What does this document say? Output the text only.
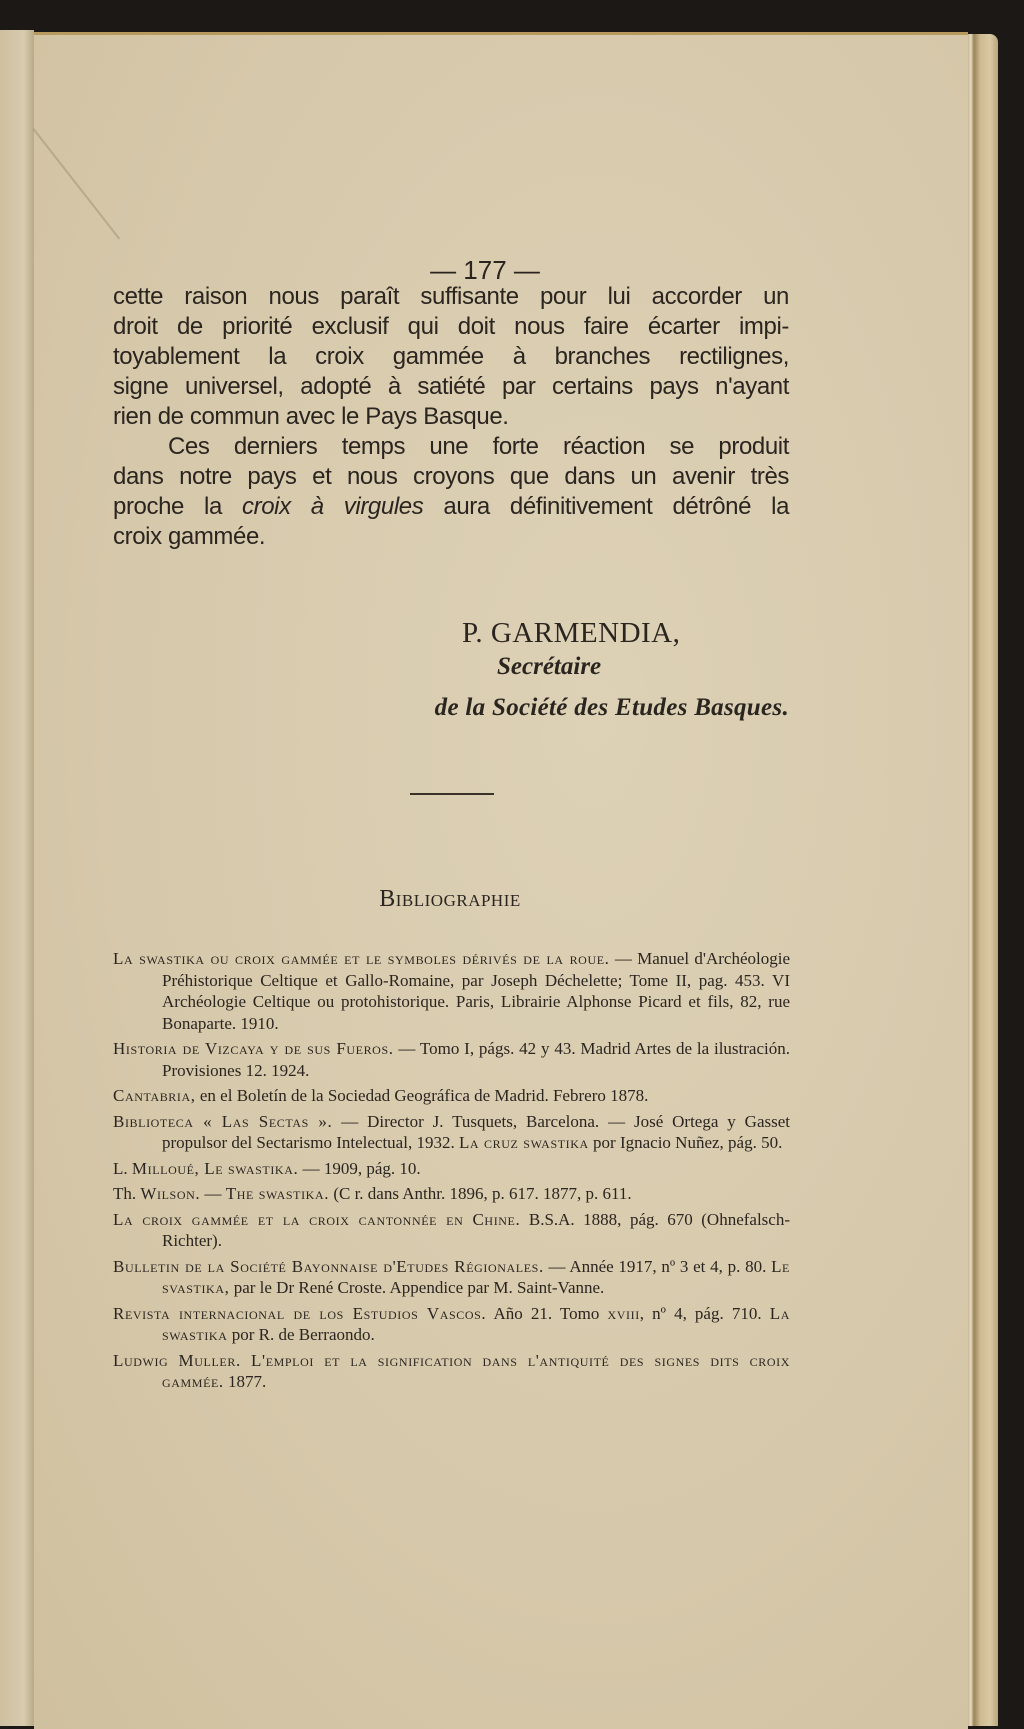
— 177 —
cette raison nous paraît suffisante pour lui accorder un
droit de priorité exclusif qui doit nous faire écarter impi-
toyablement la croix gammée à branches rectilignes,
signe universel, adopté à satiété par certains pays n'ayant
rien de commun avec le Pays Basque.
Ces derniers temps une forte réaction se produit
dans notre pays et nous croyons que dans un avenir très
proche la croix à virgules aura définitivement détrôné la
croix gammée.
P. GARMENDIA,
Secrétaire
de la Société des Etudes Basques.
Bibliographie
La swastika ou croix gammée et le symboles dérivés de la roue. — Manuel d'Archéologie Préhistorique Celtique et Gallo-Romaine, par Joseph Déchelette; Tome II, pag. 453. VI Archéologie Celtique ou protohistorique. Paris, Librairie Alphonse Picard et fils, 82, rue Bonaparte. 1910.
Historia de Vizcaya y de sus Fueros. — Tomo I, págs. 42 y 43. Madrid Artes de la ilustración. Provisiones 12. 1924.
Cantabria, en el Boletín de la Sociedad Geográfica de Madrid. Febrero 1878.
Biblioteca « Las Sectas ». — Director J. Tusquets, Barcelona. — José Ortega y Gasset propulsor del Sectarismo Intelectual, 1932. La cruz swastika por Ignacio Nuñez, pág. 50.
L. Milloué, Le swastika. — 1909, pág. 10.
Th. Wilson. — The swastika. (C r. dans Anthr. 1896, p. 617. 1877, p. 611.
La croix gammée et la croix cantonnée en Chine. B.S.A. 1888, pág. 670 (Ohnefalsch-Richter).
Bulletin de la Société Bayonnaise d'Etudes Régionales. — Année 1917, nº 3 et 4, p. 80. Le svastika, par le Dr René Croste. Appendice par M. Saint-Vanne.
Revista internacional de los Estudios Vascos. Año 21. Tomo xviii, nº 4, pág. 710. La swastika por R. de Berraondo.
Ludwig Muller. L'emploi et la signification dans l'antiquité des signes dits croix gammée. 1877.
